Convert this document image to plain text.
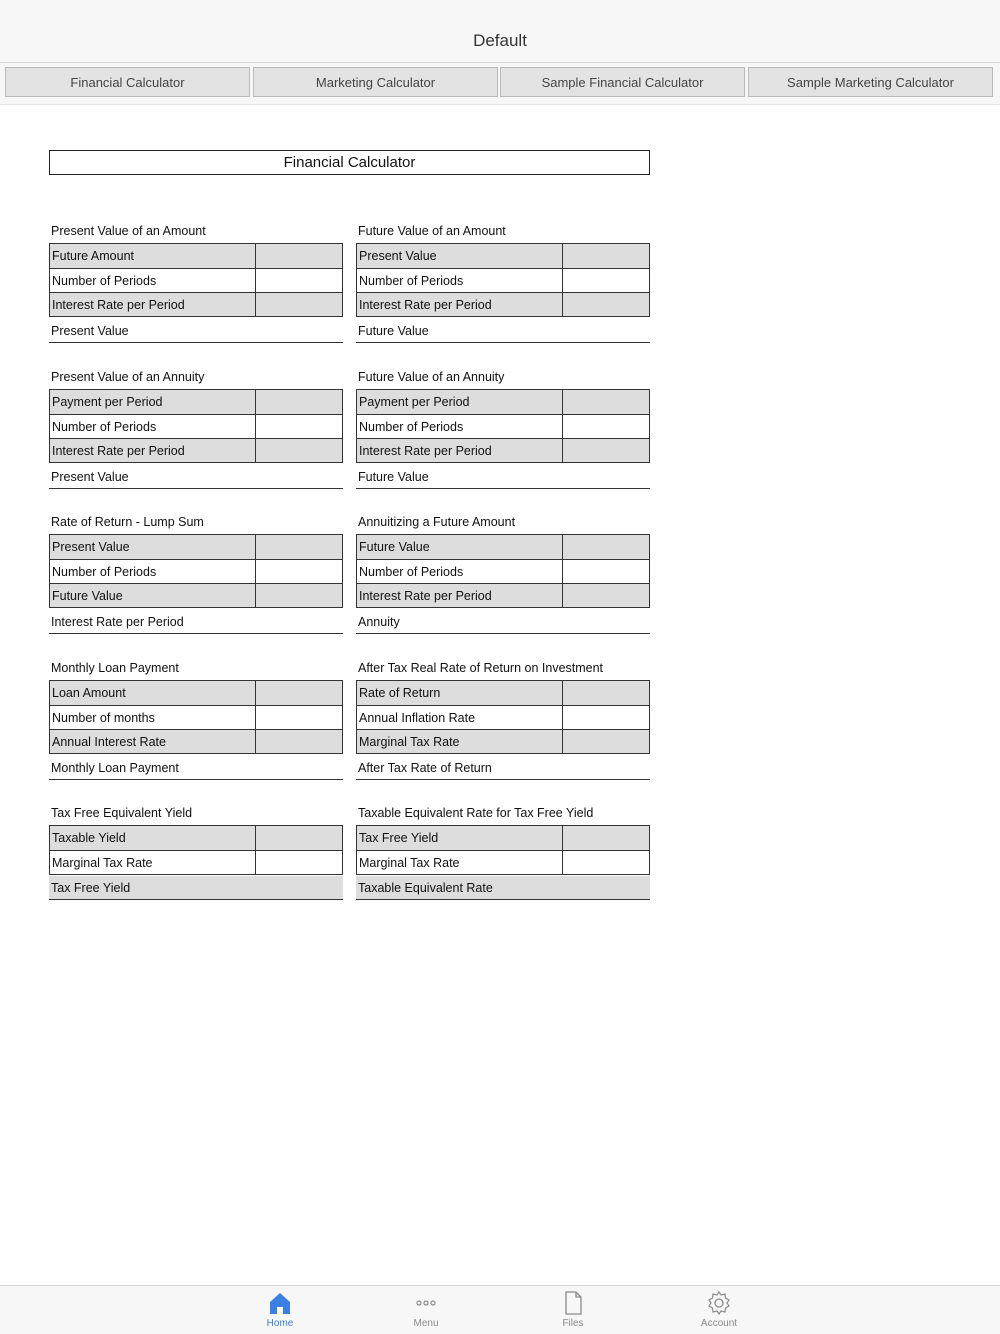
Default
Financial Calculator	Marketing Calculator	Sample Financial Calculator	Sample Marketing Calculator
Financial Calculator
Present Value of an Amount
Future Amount
Number of Periods
Interest Rate per Period
Present Value
Future Value of an Amount
Present Value
Number of Periods
Interest Rate per Period
Future Value
Present Value of an Annuity
Payment per Period
Number of Periods
Interest Rate per Period
Present Value
Future Value of an Annuity
Payment per Period
Number of Periods
Interest Rate per Period
Future Value
Rate of Return - Lump Sum
Present Value
Number of Periods
Future Value
Interest Rate per Period
Annuitizing a Future Amount
Future Value
Number of Periods
Interest Rate per Period
Annuity
Monthly Loan Payment
Loan Amount
Number of months
Annual Interest Rate
Monthly Loan Payment
After Tax Real Rate of Return on Investment
Rate of Return
Annual Inflation Rate
Marginal Tax Rate
After Tax Rate of Return
Tax Free Equivalent Yield
Taxable Yield
Marginal Tax Rate
Tax Free Yield
Taxable Equivalent Rate for Tax Free Yield
Tax Free Yield
Marginal Tax Rate
Taxable Equivalent Rate
Home	Menu	Files	Account
